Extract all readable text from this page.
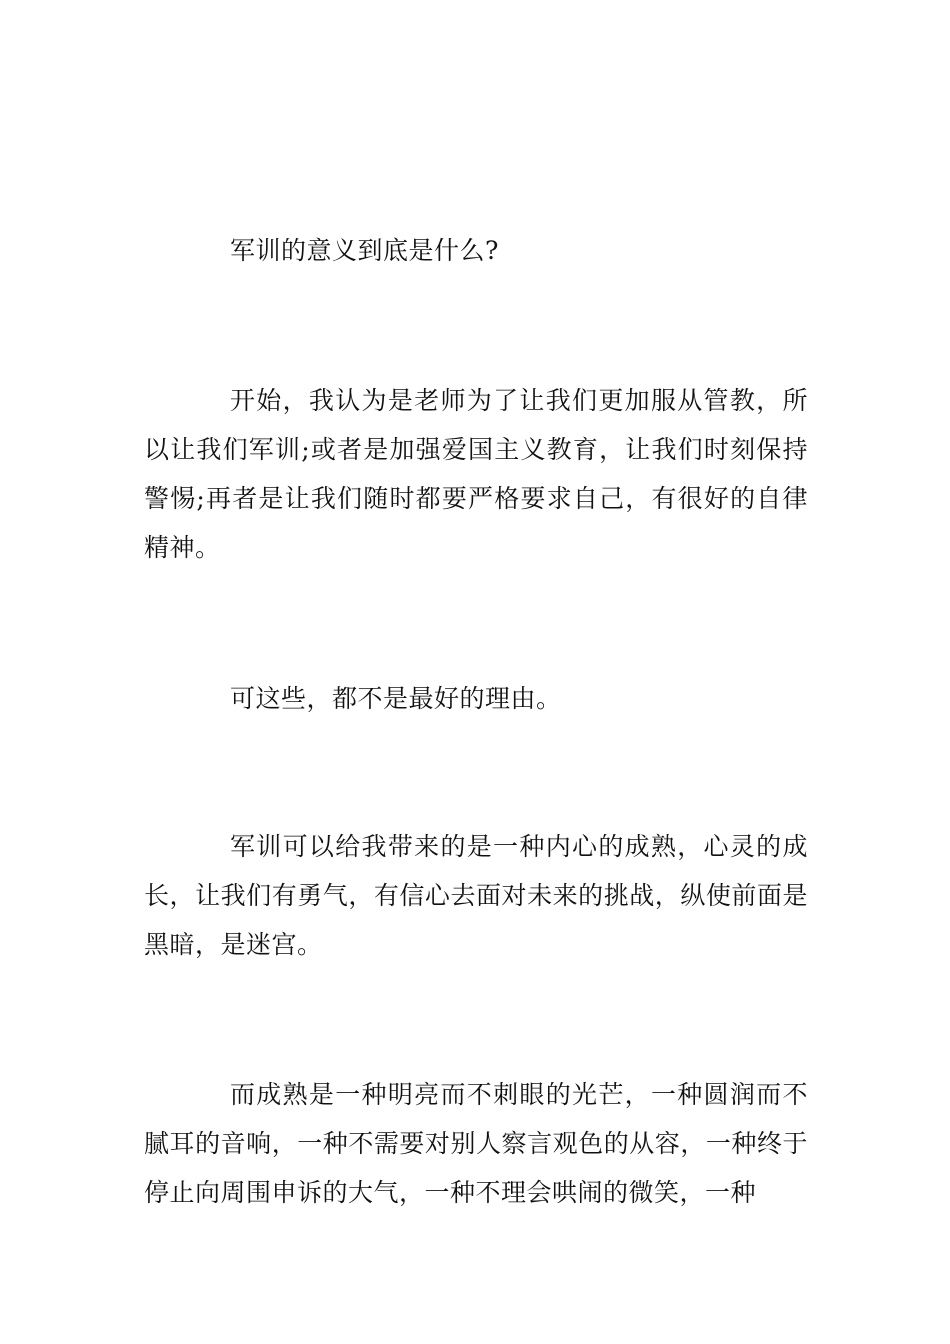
军训的意义到底是什么?

开始，我认为是老师为了让我们更加服从管教，所以让我们军训;或者是加强爱国主义教育，让我们时刻保持警惕;再者是让我们随时都要严格要求自己，有很好的自律精神。

可这些，都不是最好的理由。

军训可以给我带来的是一种内心的成熟，心灵的成长，让我们有勇气，有信心去面对未来的挑战，纵使前面是黑暗，是迷宫。

而成熟是一种明亮而不刺眼的光芒，一种圆润而不腻耳的音响，一种不需要对别人察言观色的从容，一种终于停止向周围申诉的大气，一种不理会哄闹的微笑，一种
